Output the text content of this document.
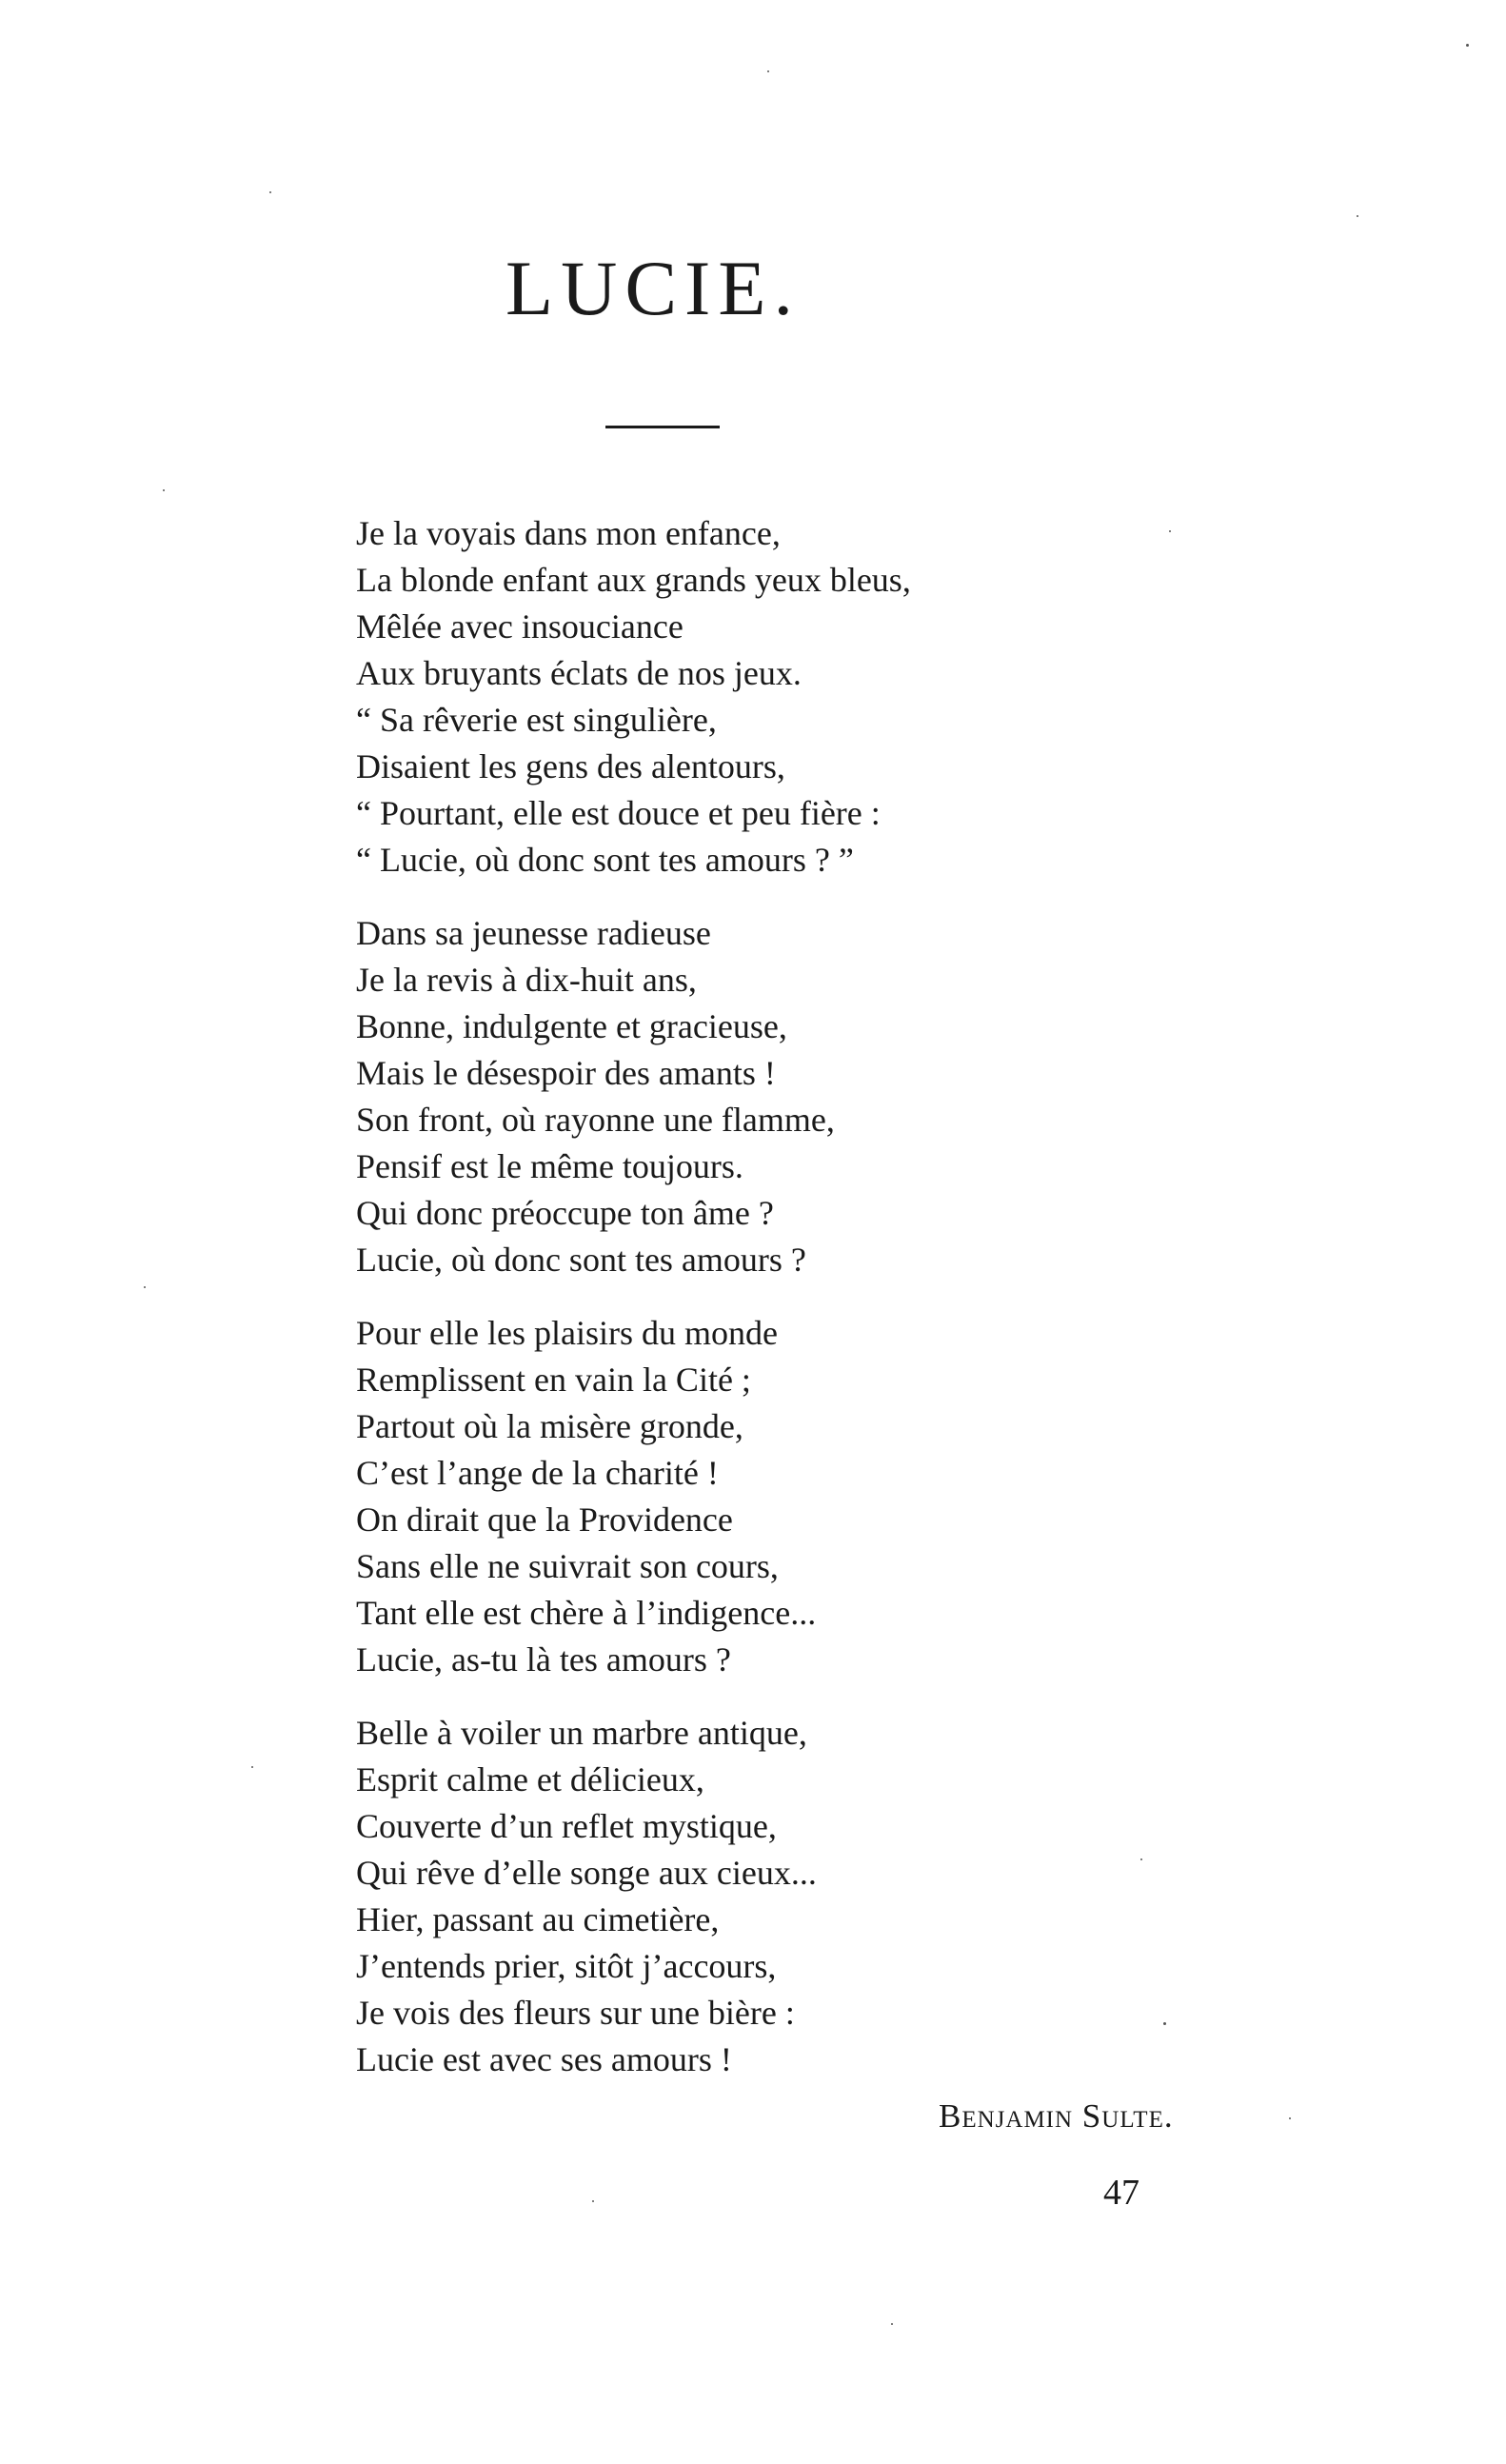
LUCIE.
Je la voyais dans mon enfance,
La blonde enfant aux grands yeux bleus,
Mêlée avec insouciance
Aux bruyants éclats de nos jeux.
“ Sa rêverie est singulière,
Disaient les gens des alentours,
“ Pourtant, elle est douce et peu fière :
“ Lucie, où donc sont tes amours ? ”
Dans sa jeunesse radieuse
Je la revis à dix-huit ans,
Bonne, indulgente et gracieuse,
Mais le désespoir des amants !
Son front, où rayonne une flamme,
Pensif est le même toujours.
Qui donc préoccupe ton âme ?
Lucie, où donc sont tes amours ?
Pour elle les plaisirs du monde
Remplissent en vain la Cité ;
Partout où la misère gronde,
C’est l’ange de la charité !
On dirait que la Providence
Sans elle ne suivrait son cours,
Tant elle est chère à l’indigence...
Lucie, as-tu là tes amours ?
Belle à voiler un marbre antique,
Esprit calme et délicieux,
Couverte d’un reflet mystique,
Qui rêve d’elle songe aux cieux...
Hier, passant au cimetière,
J’entends prier, sitôt j’accours,
Je vois des fleurs sur une bière :
Lucie est avec ses amours !
Benjamin Sulte.
47
